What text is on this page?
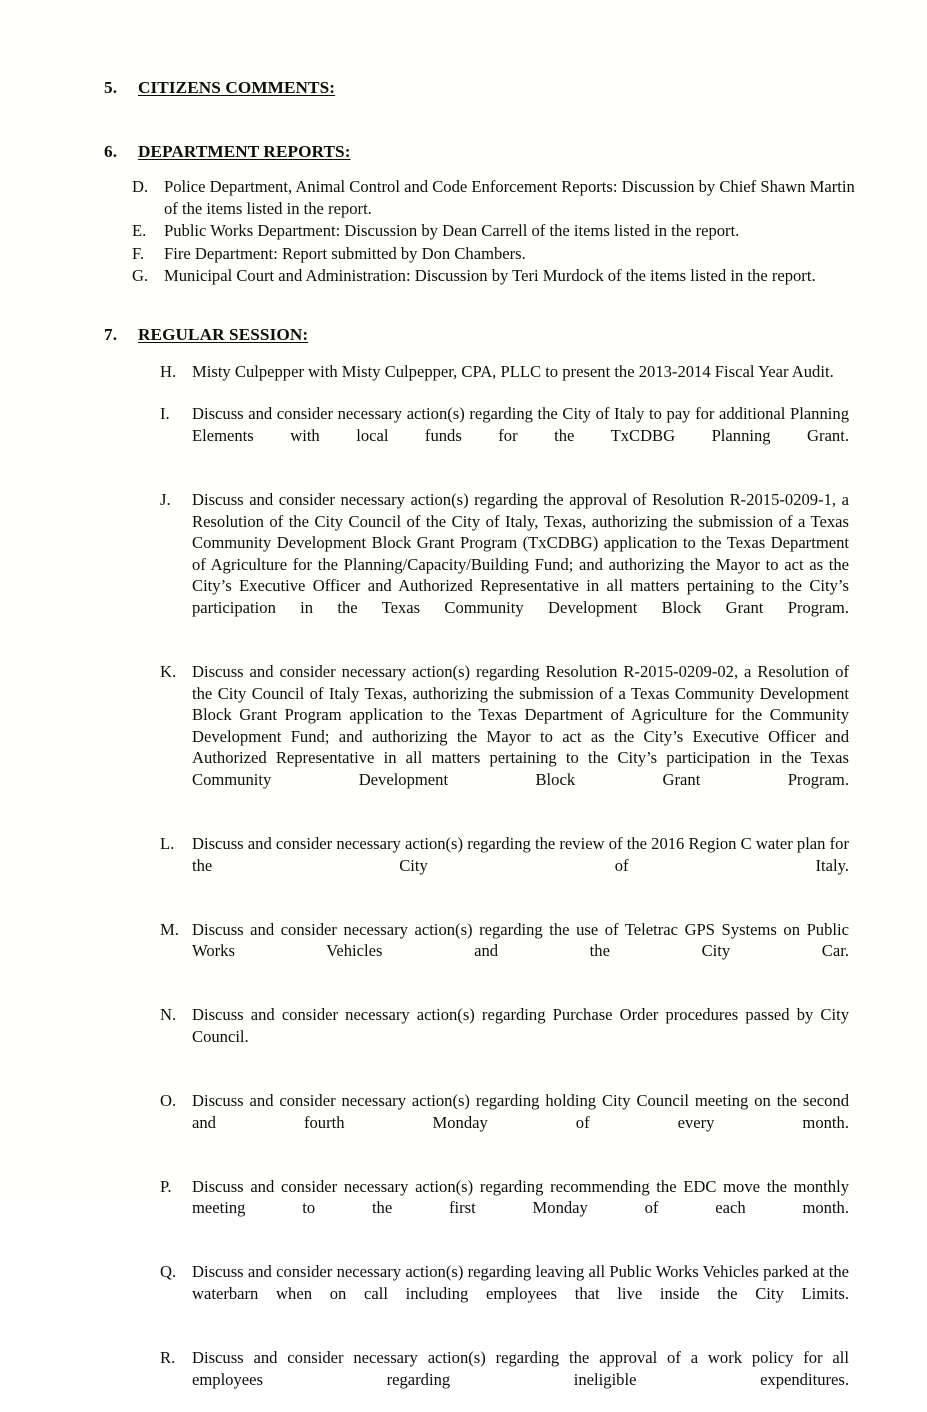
5.	CITIZENS COMMENTS:
6.	DEPARTMENT REPORTS:
D. Police Department, Animal Control and Code Enforcement Reports: Discussion by Chief Shawn Martin of the items listed in the report.
E.	Public Works Department: Discussion by Dean Carrell of the items listed in the report.
F.	Fire Department: Report submitted by Don Chambers.
G. Municipal Court and Administration: Discussion by Teri Murdock of the items listed in the report.
7.	REGULAR SESSION:
H. Misty Culpepper with Misty Culpepper, CPA, PLLC to present the 2013-2014 Fiscal Year Audit.
I.	Discuss and consider necessary action(s) regarding the City of Italy to pay for additional Planning Elements with local funds for the TxCDBG Planning Grant.
J.	Discuss and consider necessary action(s) regarding the approval of Resolution R-2015-0209-1, a Resolution of the City Council of the City of Italy, Texas, authorizing the submission of a Texas Community Development Block Grant Program (TxCDBG) application to the Texas Department of Agriculture for the Planning/Capacity/Building Fund; and authorizing the Mayor to act as the City’s Executive Officer and Authorized Representative in all matters pertaining to the City’s participation in the Texas Community Development Block Grant Program.
K. Discuss and consider necessary action(s) regarding Resolution R-2015-0209-02, a Resolution of the City Council of Italy Texas, authorizing the submission of a Texas Community Development Block Grant Program application to the Texas Department of Agriculture for the Community Development Fund; and authorizing the Mayor to act as the City’s Executive Officer and Authorized Representative in all matters pertaining to the City’s participation in the Texas Community Development Block Grant Program.
L.	Discuss and consider necessary action(s) regarding the review of the 2016 Region C water plan for the City of Italy.
M. Discuss and consider necessary action(s) regarding the use of Teletrac GPS Systems on Public Works Vehicles and the City Car.
N. Discuss and consider necessary action(s) regarding Purchase Order procedures passed by City Council.
O. Discuss and consider necessary action(s) regarding holding City Council meeting on the second and fourth Monday of every month.
P.	Discuss and consider necessary action(s) regarding recommending the EDC move the monthly meeting to the first Monday of each month.
Q. Discuss and consider necessary action(s) regarding leaving all Public Works Vehicles parked at the waterbarn when on call including employees that live inside the City Limits.
R.	Discuss and consider necessary action(s) regarding the approval of a work policy for all employees regarding ineligible expenditures.
